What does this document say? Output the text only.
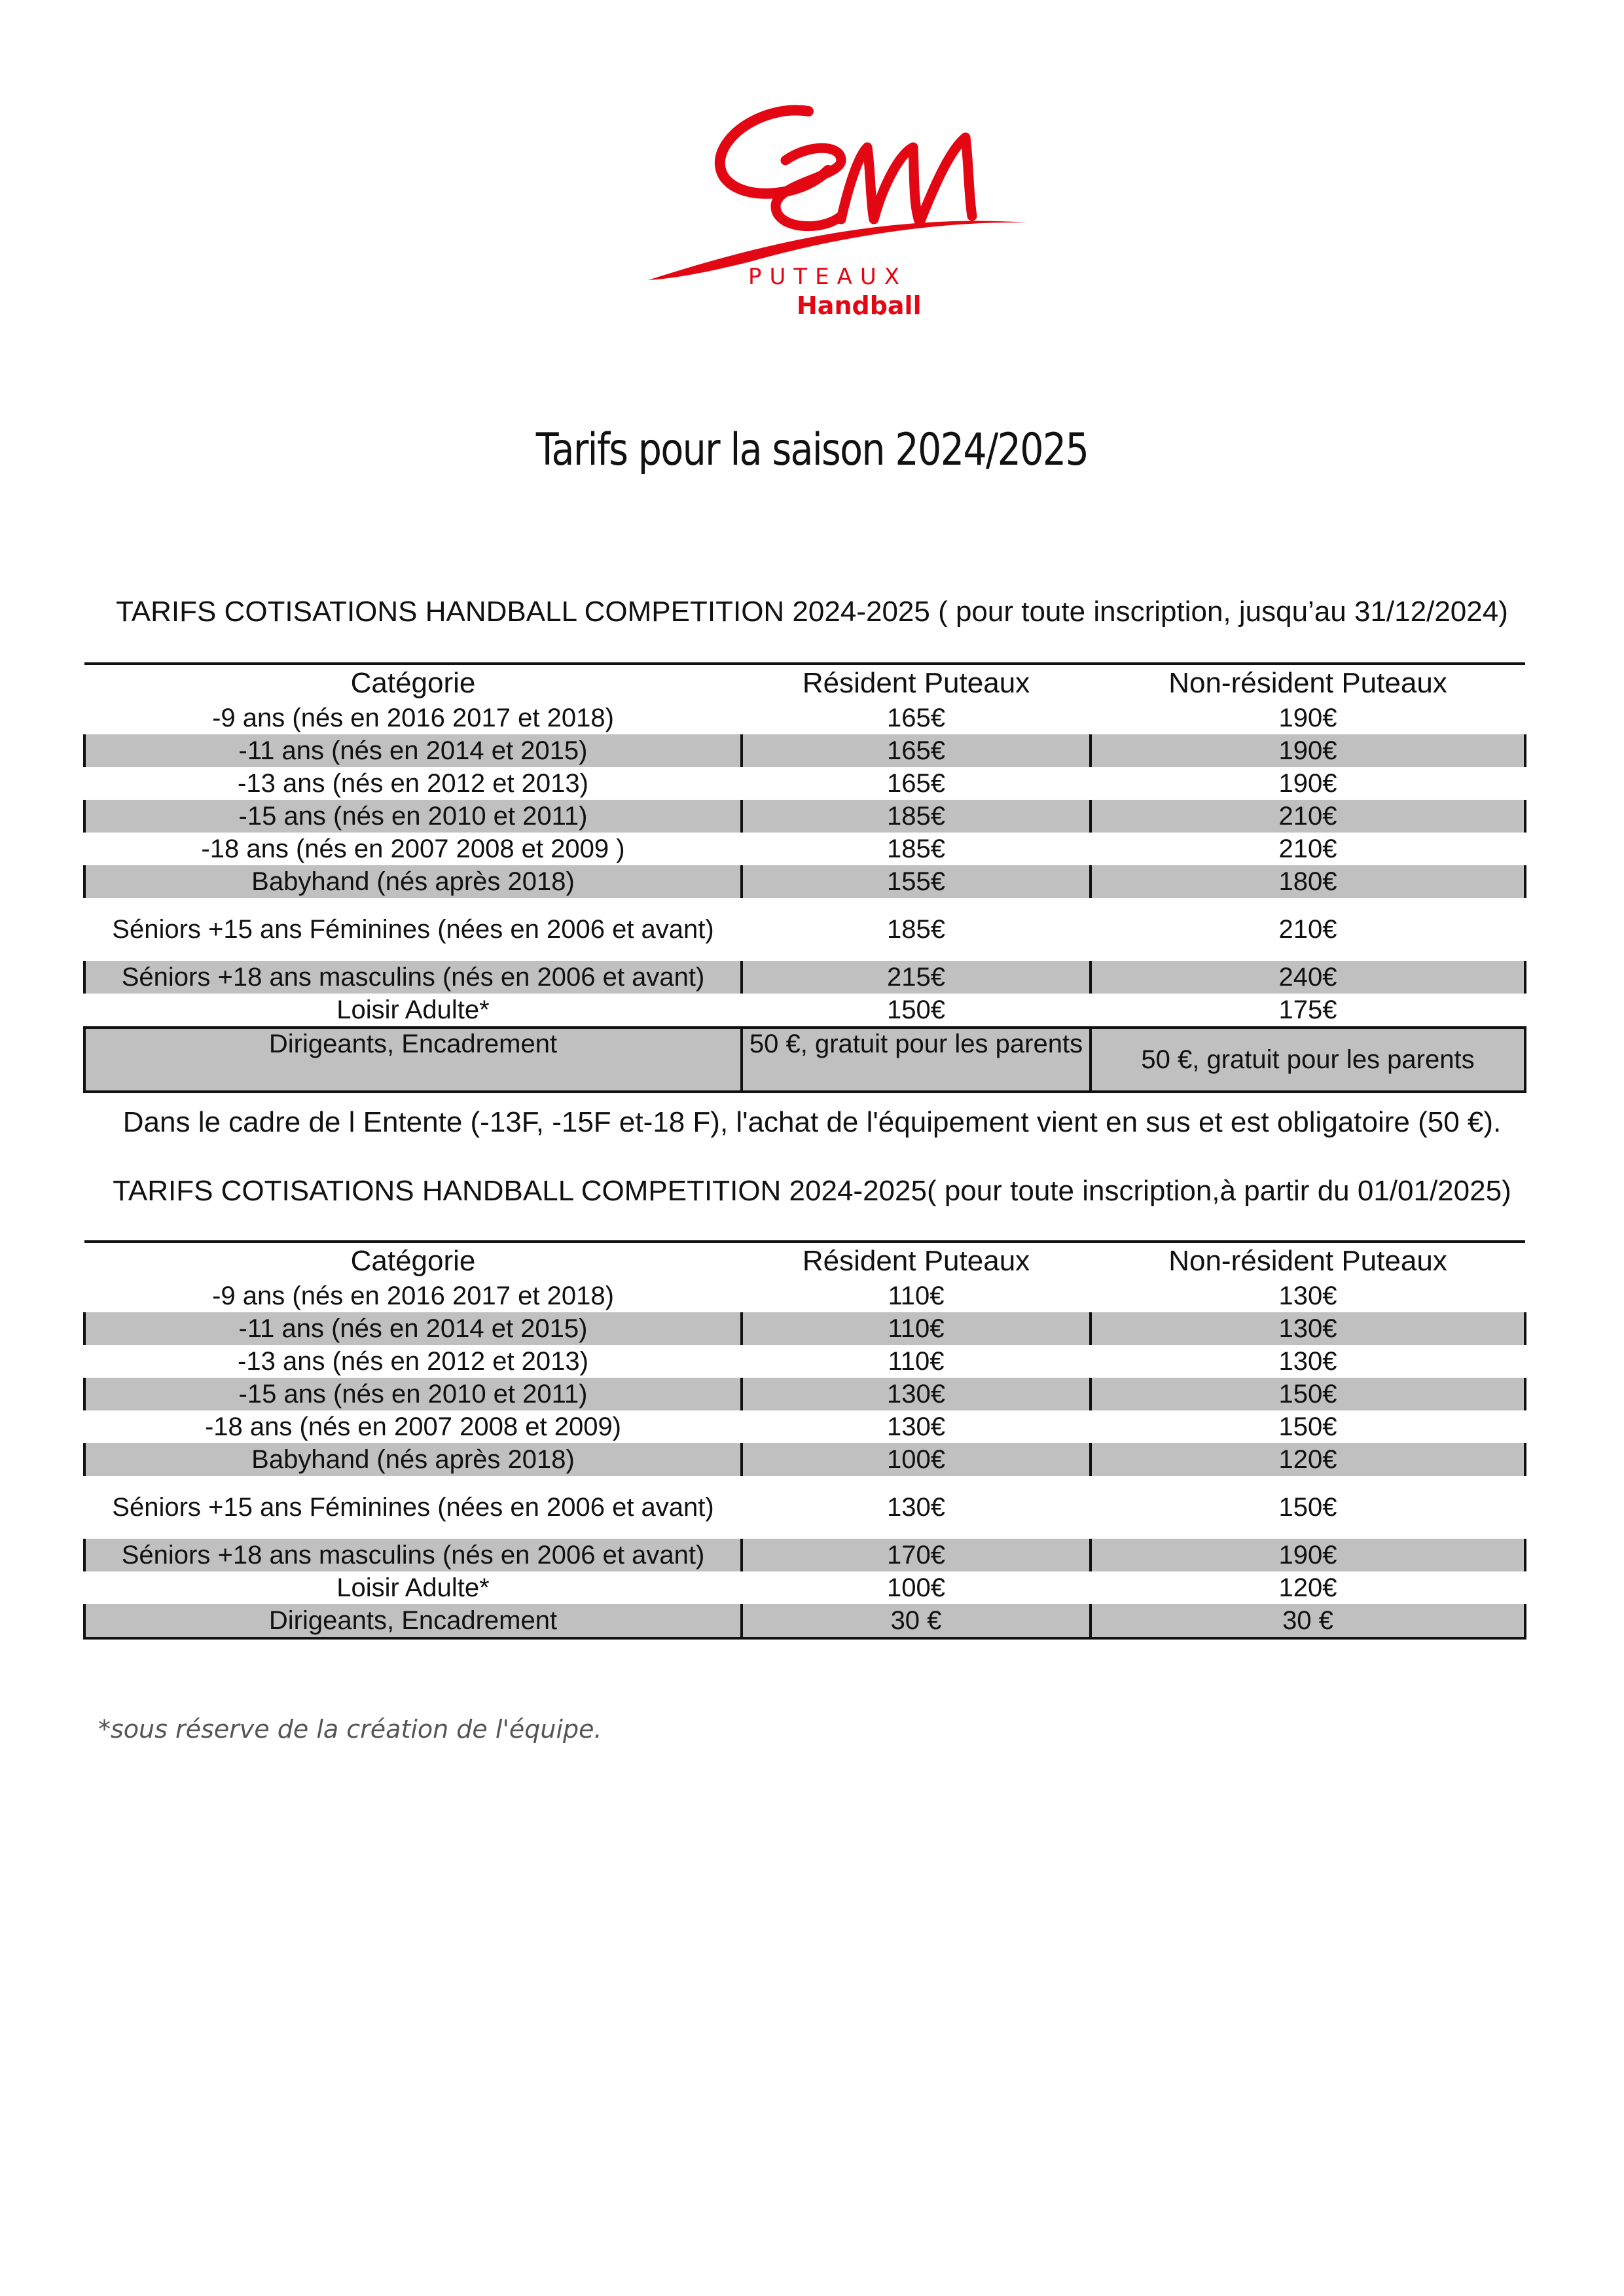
PUTEAUX
Handball
Tarifs pour la saison 2024/2025
TARIFS COTISATIONS HANDBALL COMPETITION 2024-2025 ( pour toute inscription, jusqu’au 31/12/2024)
Catégorie	Résident Puteaux	Non-résident Puteaux
-9 ans (nés en 2016 2017 et 2018)	165€	190€
-11 ans (nés en 2014 et 2015)	165€	190€
-13 ans (nés en 2012 et 2013)	165€	190€
-15 ans (nés en 2010 et 2011)	185€	210€
-18 ans (nés en 2007 2008 et 2009 )	185€	210€
Babyhand (nés après 2018)	155€	180€
Séniors +15 ans Féminines (nées en 2006 et avant)	185€	210€
Séniors +18 ans masculins (nés en 2006 et avant)	215€	240€
Loisir Adulte*	150€	175€
Dirigeants, Encadrement	50 €, gratuit pour les parents	50 €, gratuit pour les parents
Dans le cadre de l Entente (-13F, -15F et-18 F), l'achat de l'équipement vient en sus et est obligatoire (50 €).
TARIFS COTISATIONS HANDBALL COMPETITION 2024-2025( pour toute inscription,à partir du 01/01/2025)
Catégorie	Résident Puteaux	Non-résident Puteaux
-9 ans (nés en 2016 2017 et 2018)	110€	130€
-11 ans (nés en 2014 et 2015)	110€	130€
-13 ans (nés en 2012 et 2013)	110€	130€
-15 ans (nés en 2010 et 2011)	130€	150€
-18 ans (nés en 2007 2008 et 2009)	130€	150€
Babyhand (nés après 2018)	100€	120€
Séniors +15 ans Féminines (nées en 2006 et avant)	130€	150€
Séniors +18 ans masculins (nés en 2006 et avant)	170€	190€
Loisir Adulte*	100€	120€
Dirigeants, Encadrement	30 €	30 €
*sous réserve de la création de l'équipe.
